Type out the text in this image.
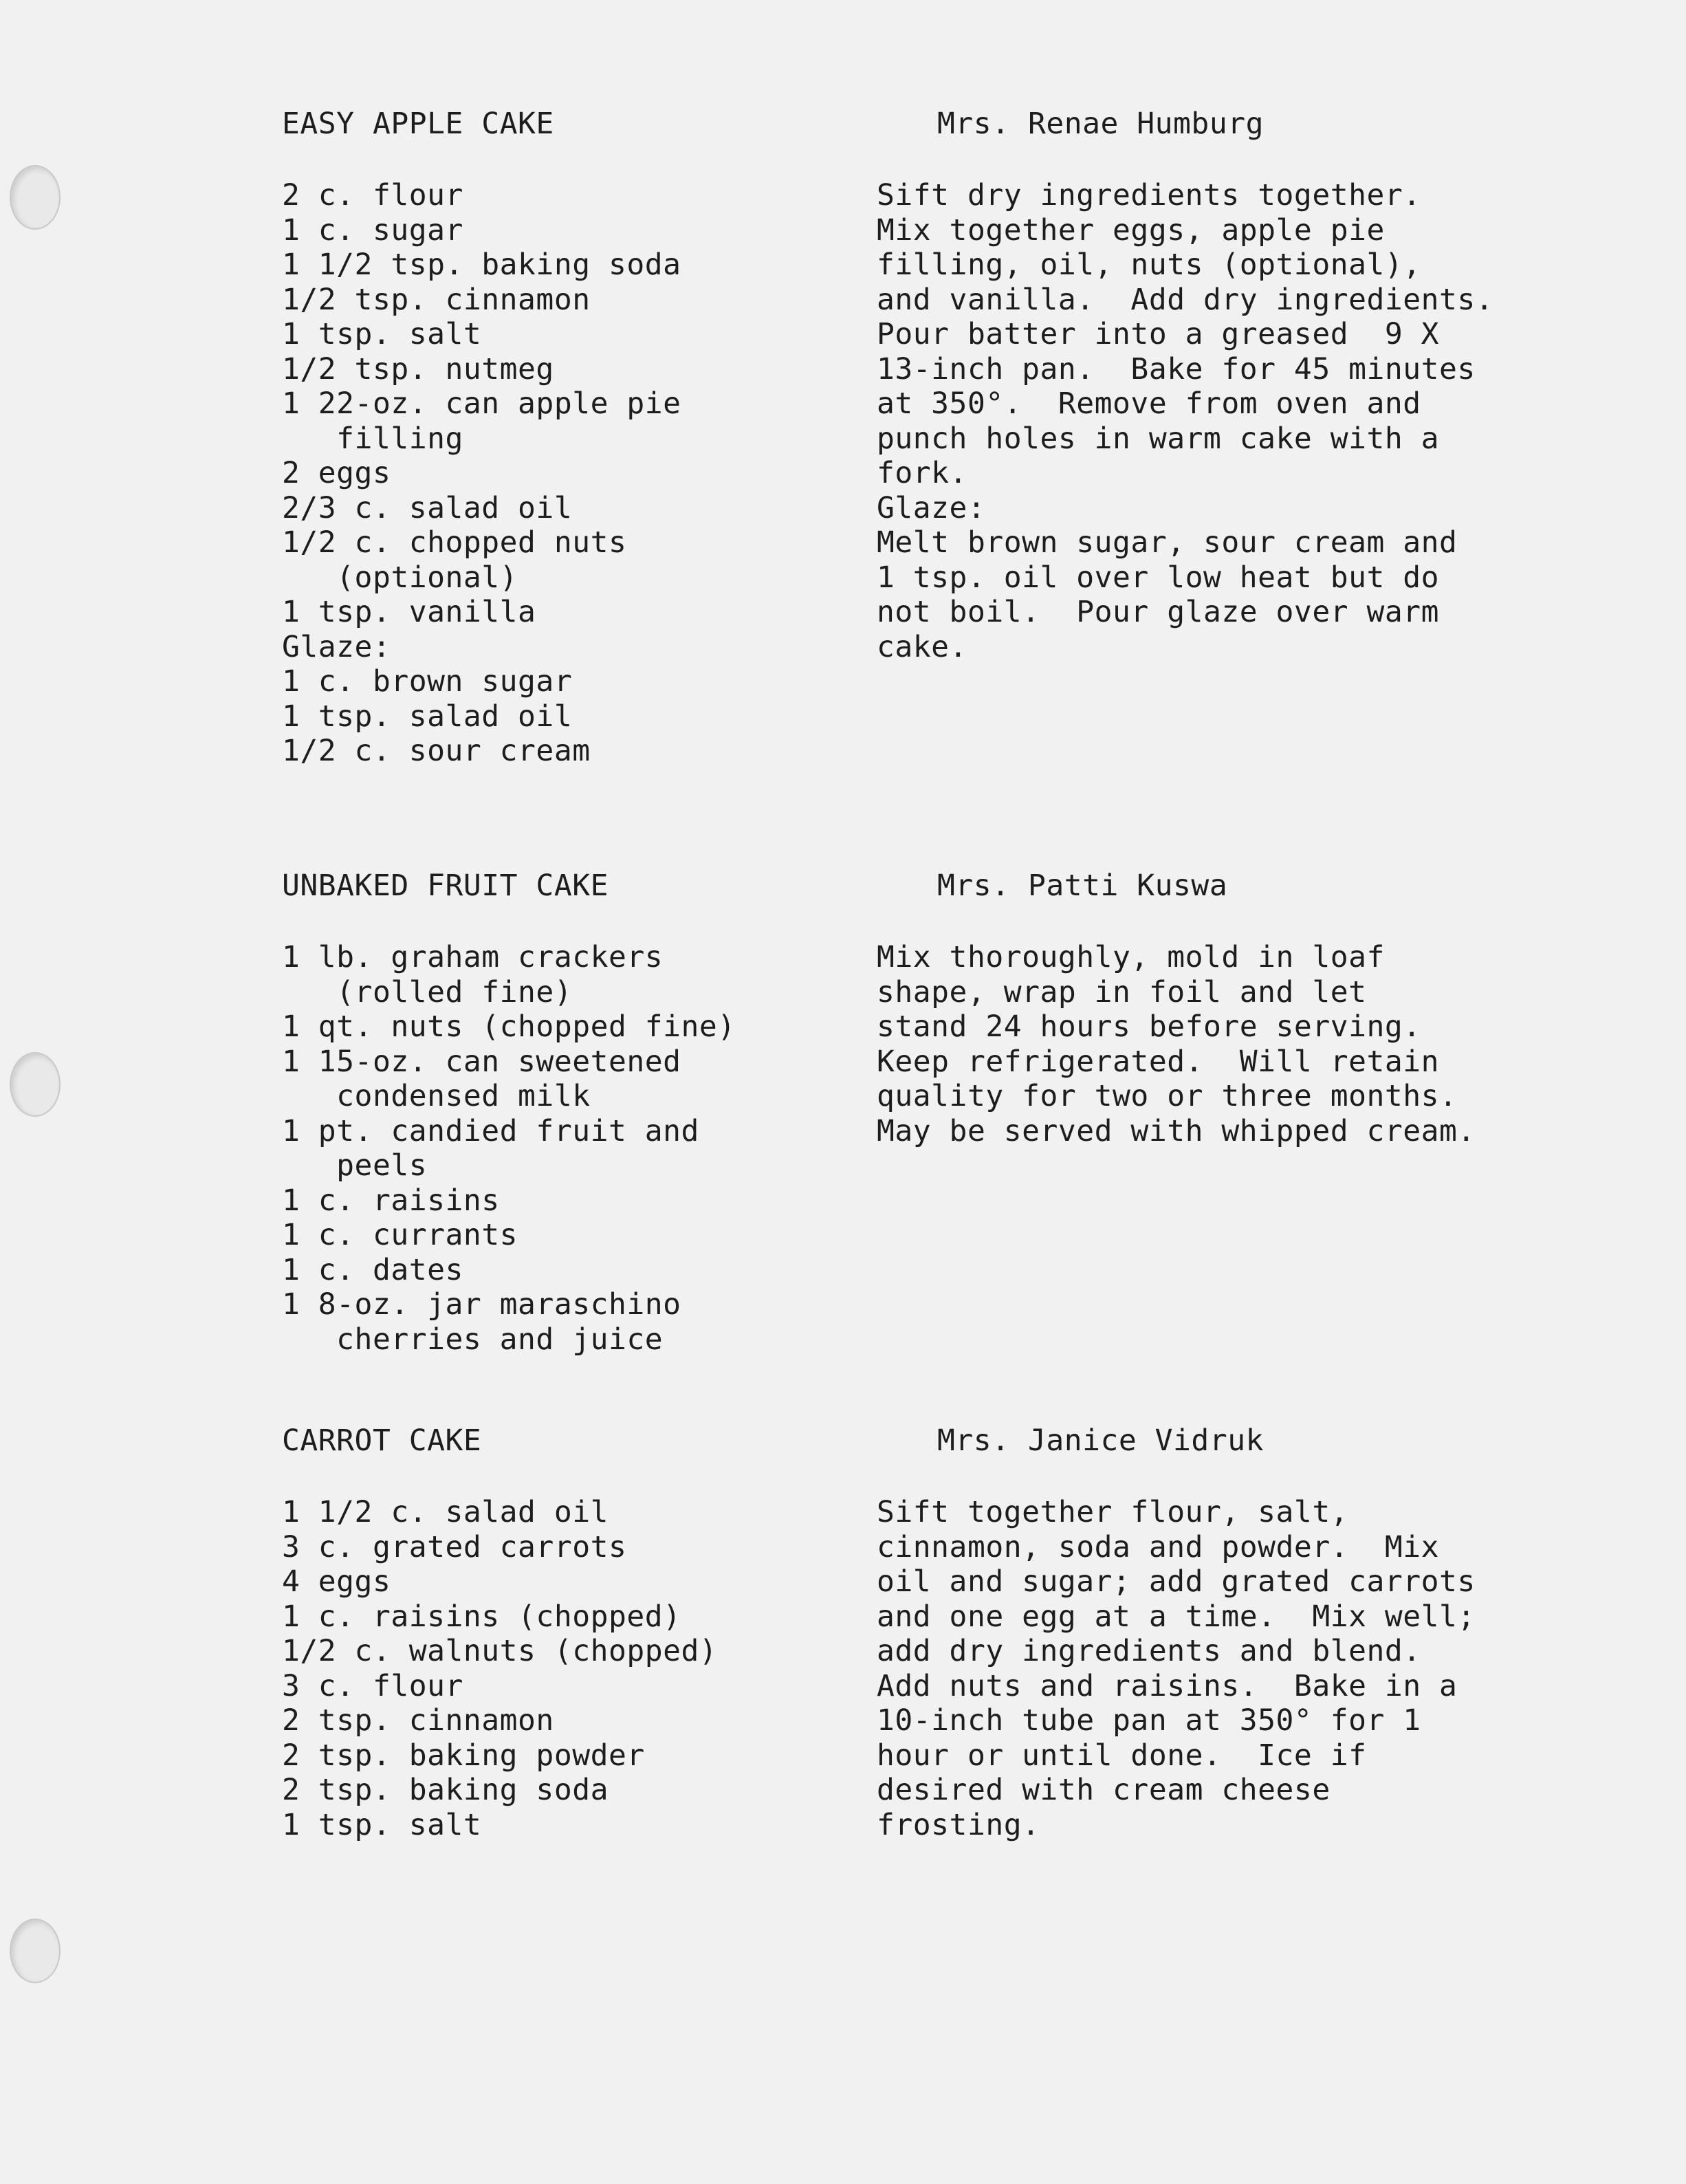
EASY APPLE CAKE

2 c. flour
1 c. sugar
1 1/2 tsp. baking soda
1/2 tsp. cinnamon
1 tsp. salt
1/2 tsp. nutmeg
1 22-oz. can apple pie
filling
2 eggs
2/3 c. salad oil
1/2 c. chopped nuts
(optional)
1 tsp. vanilla
Glaze:
1 c. brown sugar
1 tsp. salad oil
1/2 c. sour cream

Mrs. Renae Humburg

Sift dry ingredients together.
Mix together eggs, apple pie
filling, oil, nuts (optional),
and vanilla.  Add dry ingredients.
Pour batter into a greased  9 X
13-inch pan.  Bake for 45 minutes
at 350°.  Remove from oven and
punch holes in warm cake with a
fork.
Glaze:
Melt brown sugar, sour cream and
1 tsp. oil over low heat but do
not boil.  Pour glaze over warm
cake.

UNBAKED FRUIT CAKE

1 lb. graham crackers
(rolled fine)
1 qt. nuts (chopped fine)
1 15-oz. can sweetened
condensed milk
1 pt. candied fruit and
peels
1 c. raisins
1 c. currants
1 c. dates
1 8-oz. jar maraschino
cherries and juice

Mrs. Patti Kuswa

Mix thoroughly, mold in loaf
shape, wrap in foil and let
stand 24 hours before serving.
Keep refrigerated.  Will retain
quality for two or three months.
May be served with whipped cream.

CARROT CAKE

1 1/2 c. salad oil
3 c. grated carrots
4 eggs
1 c. raisins (chopped)
1/2 c. walnuts (chopped)
3 c. flour
2 tsp. cinnamon
2 tsp. baking powder
2 tsp. baking soda
1 tsp. salt

Mrs. Janice Vidruk

Sift together flour, salt,
cinnamon, soda and powder.  Mix
oil and sugar; add grated carrots
and one egg at a time.  Mix well;
add dry ingredients and blend.
Add nuts and raisins.  Bake in a
10-inch tube pan at 350° for 1
hour or until done.  Ice if
desired with cream cheese
frosting.
